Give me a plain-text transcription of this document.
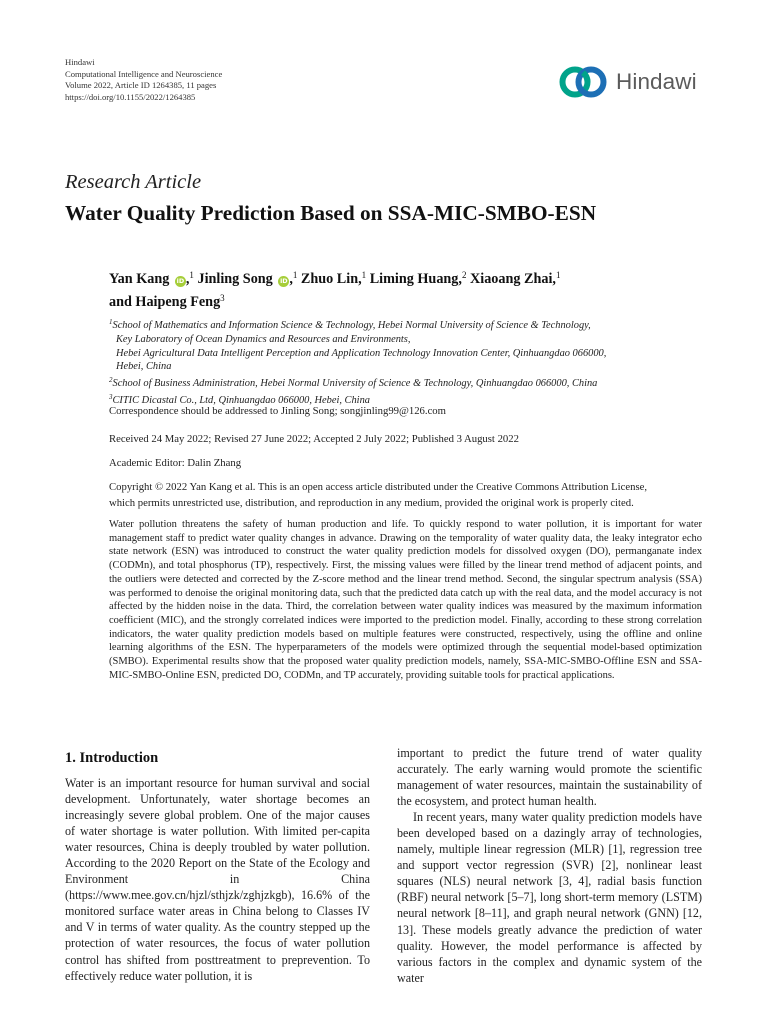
Hindawi
Computational Intelligence and Neuroscience
Volume 2022, Article ID 1264385, 11 pages
https://doi.org/10.1155/2022/1264385
Hindawi
Research Article
Water Quality Prediction Based on SSA-MIC-SMBO-ESN
Yan Kang iD ,$^1$ Jinling Song iD ,$^1$ Zhuo Lin,$^1$ Liming Huang,$^2$ Xiaoang Zhai,$^1$
and Haipeng Feng$^3$
$^1$School of Mathematics and Information Science & Technology, Hebei Normal University of Science & Technology,
Key Laboratory of Ocean Dynamics and Resources and Environments,
Hebei Agricultural Data Intelligent Perception and Application Technology Innovation Center, Qinhuangdao 066000,
Hebei, China
$^2$School of Business Administration, Hebei Normal University of Science & Technology, Qinhuangdao 066000, China
$^3$CITIC Dicastal Co., Ltd, Qinhuangdao 066000, Hebei, China
Correspondence should be addressed to Jinling Song; songjinling99@126.com
Received 24 May 2022; Revised 27 June 2022; Accepted 2 July 2022; Published 3 August 2022
Academic Editor: Dalin Zhang
Copyright © 2022 Yan Kang et al. This is an open access article distributed under the Creative Commons Attribution License,
which permits unrestricted use, distribution, and reproduction in any medium, provided the original work is properly cited.
Water pollution threatens the safety of human production and life. To quickly respond to water pollution, it is important for water management staff to predict water quality changes in advance. Drawing on the temporality of water quality data, the leaky integrator echo state network (ESN) was introduced to construct the water quality prediction models for dissolved oxygen (DO), permanganate index (CODMn), and total phosphorus (TP), respectively. First, the missing values were filled by the linear trend method of adjacent points, and the outliers were detected and corrected by the Z-score method and the linear trend method. Second, the singular spectrum analysis (SSA) was performed to denoise the original monitoring data, such that the predicted data catch up with the real data, and the model accuracy is not affected by the hidden noise in the data. Third, the correlation between water quality indices was measured by the maximum information coefficient (MIC), and the strongly correlated indices were imported to the prediction model. Finally, according to these strong correlation indicators, the water quality prediction models based on multiple features were constructed, respectively, using the offline and online learning algorithms of the ESN. The hyperparameters of the models were optimized through the sequential model-based optimization (SMBO). Experimental results show that the proposed water quality prediction models, namely, SSA-MIC-SMBO-Offline ESN and SSA-MIC-SMBO-Online ESN, predicted DO, CODMn, and TP accurately, providing suitable tools for practical applications.
1. Introduction

Water is an important resource for human survival and social development. Unfortunately, water shortage becomes an increasingly severe global problem. One of the major causes of water shortage is water pollution. With limited per-capita water resources, China is deeply troubled by water pollution. According to the 2020 Report on the State of the Ecology and Environment in China (https://www.mee.gov.cn/hjzl/sthjzk/zghjzkgb), 16.6% of the monitored surface water areas in China belong to Classes IV and V in terms of water quality. As the country stepped up the protection of water resources, the focus of water pollution control has shifted from posttreatment to preprevention. To effectively reduce water pollution, it is

important to predict the future trend of water quality accurately. The early warning would promote the scientific management of water resources, maintain the sustainability of the ecosystem, and protect human health.

In recent years, many water quality prediction models have been developed based on a dazingly array of technologies, namely, multiple linear regression (MLR) [1], regression tree and support vector regression (SVR) [2], nonlinear least squares (NLS) neural network [3, 4], radial basis function (RBF) neural network [5–7], long short-term memory (LSTM) neural network [8–11], and graph neural network (GNN) [12, 13]. These models greatly advance the prediction of water quality. However, the model performance is affected by various factors in the complex and dynamic system of the water
